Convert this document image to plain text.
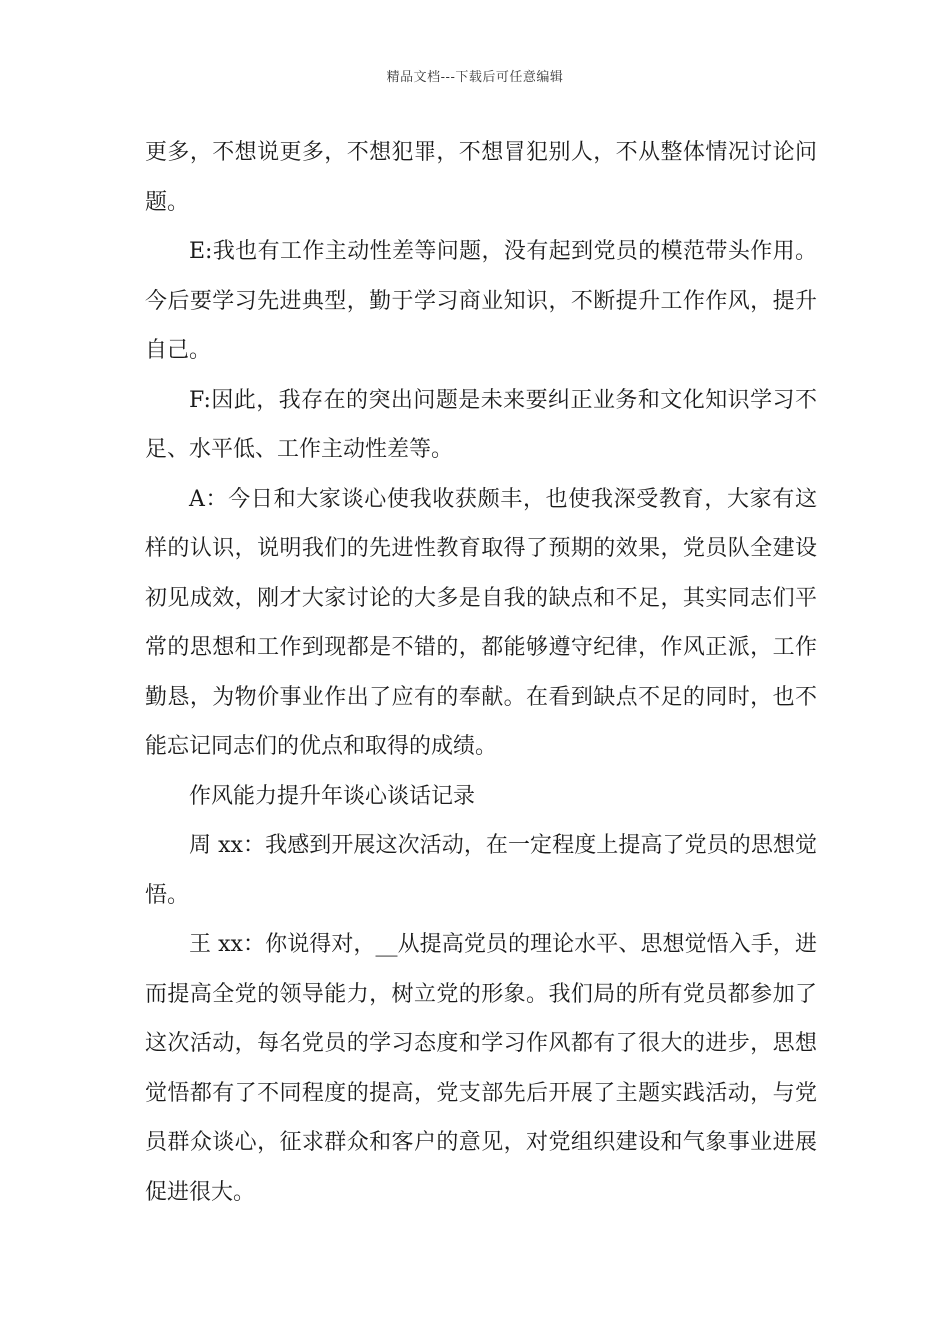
精品文档---下载后可任意编辑

更多，不想说更多，不想犯罪，不想冒犯别人，不从整体情况讨论问题。

E:我也有工作主动性差等问题，没有起到党员的模范带头作用。今后要学习先进典型，勤于学习商业知识，不断提升工作作风，提升自己。

F:因此，我存在的突出问题是未来要纠正业务和文化知识学习不足、水平低、工作主动性差等。

A：今日和大家谈心使我收获颇丰，也使我深受教育，大家有这样的认识，说明我们的先进性教育取得了预期的效果，党员队全建设初见成效，刚才大家讨论的大多是自我的缺点和不足，其实同志们平常的思想和工作到现都是不错的，都能够遵守纪律，作风正派，工作勤恳，为物价事业作出了应有的奉献。在看到缺点不足的同时，也不能忘记同志们的优点和取得的成绩。

作风能力提升年谈心谈话记录

周 xx：我感到开展这次活动，在一定程度上提高了党员的思想觉悟。

王 xx：你说得对，__从提高党员的理论水平、思想觉悟入手，进而提高全党的领导能力，树立党的形象。我们局的所有党员都参加了这次活动，每名党员的学习态度和学习作风都有了很大的进步，思想觉悟都有了不同程度的提高，党支部先后开展了主题实践活动，与党员群众谈心，征求群众和客户的意见，对党组织建设和气象事业进展促进很大。
